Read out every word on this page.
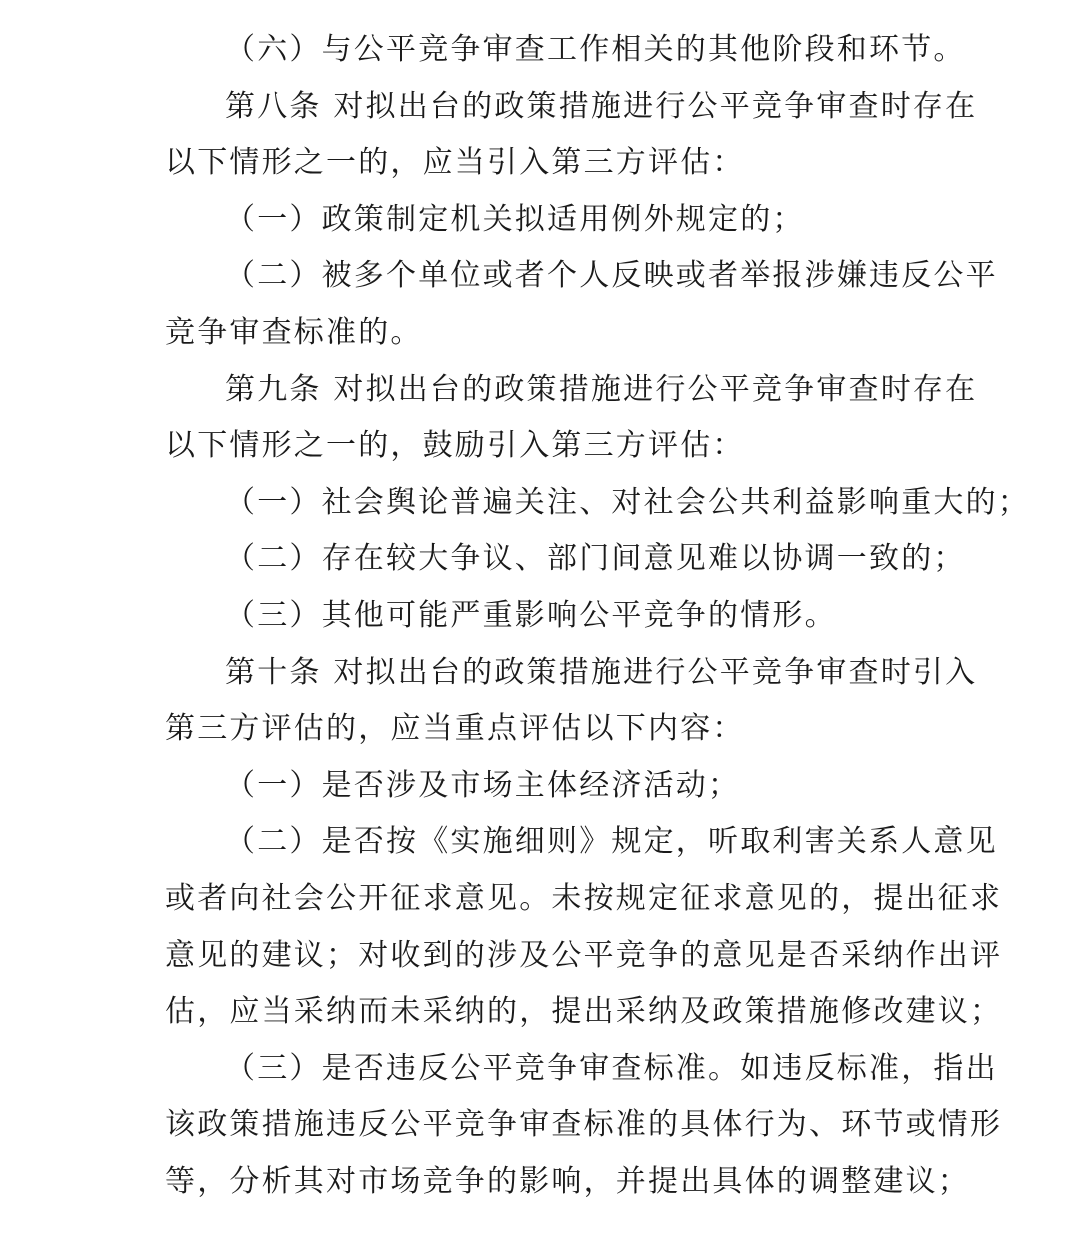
（六）与公平竞争审查工作相关的其他阶段和环节。
第八条 对拟出台的政策措施进行公平竞争审查时存在
以下情形之一的，应当引入第三方评估：
（一）政策制定机关拟适用例外规定的；
（二）被多个单位或者个人反映或者举报涉嫌违反公平
竞争审查标准的。
第九条 对拟出台的政策措施进行公平竞争审查时存在
以下情形之一的，鼓励引入第三方评估：
（一）社会舆论普遍关注、对社会公共利益影响重大的；
（二）存在较大争议、部门间意见难以协调一致的；
（三）其他可能严重影响公平竞争的情形。
第十条 对拟出台的政策措施进行公平竞争审查时引入
第三方评估的，应当重点评估以下内容：
（一）是否涉及市场主体经济活动；
（二）是否按《实施细则》规定，听取利害关系人意见
或者向社会公开征求意见。未按规定征求意见的，提出征求
意见的建议；对收到的涉及公平竞争的意见是否采纳作出评
估，应当采纳而未采纳的，提出采纳及政策措施修改建议；
（三）是否违反公平竞争审查标准。如违反标准，指出
该政策措施违反公平竞争审查标准的具体行为、环节或情形
等，分析其对市场竞争的影响，并提出具体的调整建议；
